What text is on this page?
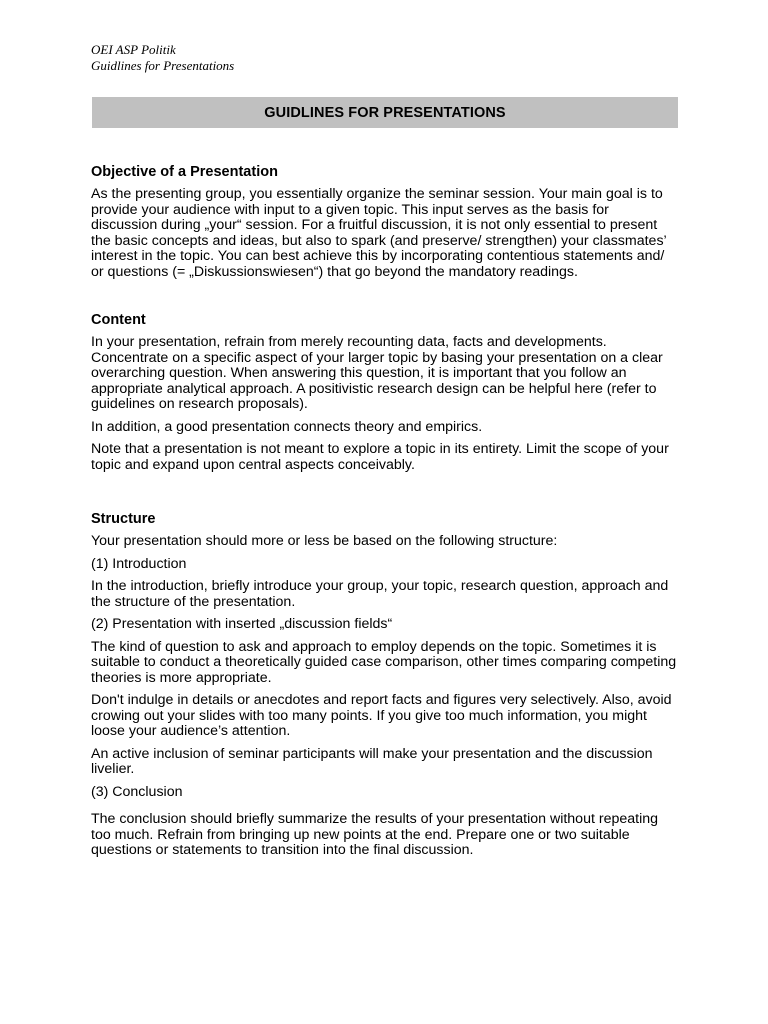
OEI ASP Politik
Guidlines for Presentations
GUIDLINES FOR PRESENTATIONS
Objective of a Presentation

As the presenting group, you essentially organize the seminar session. Your main goal is to provide your audience with input to a given topic. This input serves as the basis for discussion during „your“ session. For a fruitful discussion, it is not only essential to present the basic concepts and ideas, but also to spark (and preserve/ strengthen) your classmates’ interest in the topic. You can best achieve this by incorporating contentious statements and/ or questions (= „Diskussionswiesen“) that go beyond the mandatory readings.

Content

In your presentation, refrain from merely recounting data, facts and developments. Concentrate on a specific aspect of your larger topic by basing your presentation on a clear overarching question. When answering this question, it is important that you follow an appropriate analytical approach. A positivistic research design can be helpful here (refer to guidelines on research proposals).

In addition, a good presentation connects theory and empirics.

Note that a presentation is not meant to explore a topic in its entirety. Limit the scope of your topic and expand upon central aspects conceivably.

Structure

Your presentation should more or less be based on the following structure:

(1) Introduction

In the introduction, briefly introduce your group, your topic, research question, approach and the structure of the presentation.

(2) Presentation with inserted „discussion fields“

The kind of question to ask and approach to employ depends on the topic. Sometimes it is suitable to conduct a theoretically guided case comparison, other times comparing competing theories is more appropriate.

Don't indulge in details or anecdotes and report facts and figures very selectively. Also, avoid crowing out your slides with too many points. If you give too much information, you might loose your audience’s attention.

An active inclusion of seminar participants will make your presentation and the discussion livelier.

(3) Conclusion

The conclusion should briefly summarize the results of your presentation without repeating too much. Refrain from bringing up new points at the end. Prepare one or two suitable questions or statements to transition into the final discussion.
